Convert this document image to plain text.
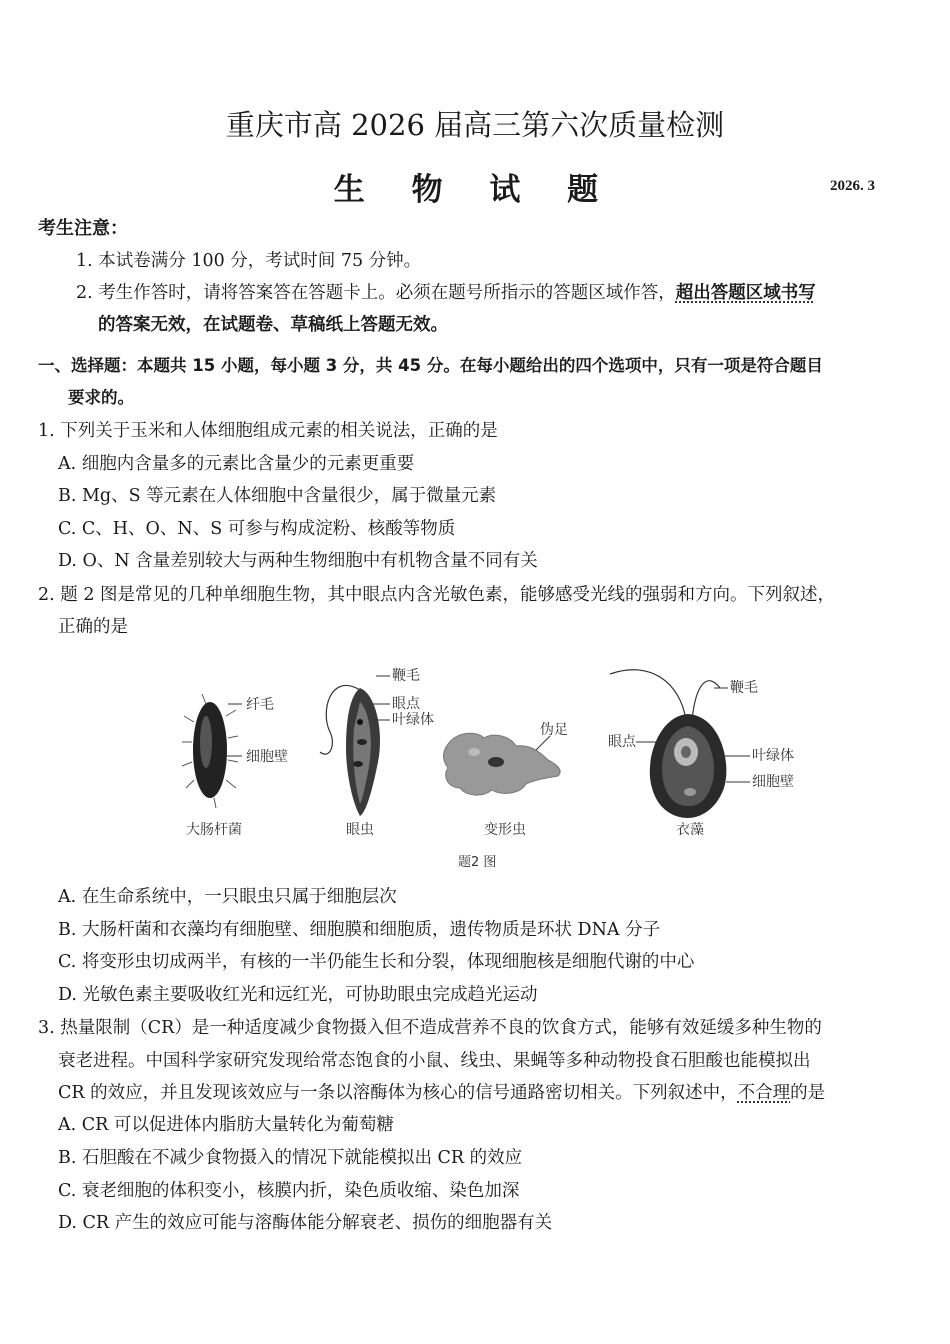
重庆市高 2026 届高三第六次质量检测
生 物 试 题	2026. 3
考生注意：
1. 本试卷满分 100 分，考试时间 75 分钟。
2. 考生作答时，请将答案答在答题卡上。必须在题号所指示的答题区域作答，超出答题区域书写
的答案无效，在试题卷、草稿纸上答题无效。
一、选择题：本题共 15 小题，每小题 3 分，共 45 分。在每小题给出的四个选项中，只有一项是符合题目
要求的。
1. 下列关于玉米和人体细胞组成元素的相关说法，正确的是
A. 细胞内含量多的元素比含量少的元素更重要
B. Mg、S 等元素在人体细胞中含量很少，属于微量元素
C. C、H、O、N、S 可参与构成淀粉、核酸等物质
D. O、N 含量差别较大与两种生物细胞中有机物含量不同有关
2. 题 2 图是常见的几种单细胞生物，其中眼点内含光敏色素，能够感受光线的强弱和方向。下列叙述，
正确的是
纤毛
细胞壁
大肠杆菌
鞭毛
眼点
叶绿体
眼虫
伪足
变形虫
眼点
鞭毛
叶绿体
细胞壁
衣藻
题2 图
A. 在生命系统中，一只眼虫只属于细胞层次
B. 大肠杆菌和衣藻均有细胞壁、细胞膜和细胞质，遗传物质是环状 DNA 分子
C. 将变形虫切成两半，有核的一半仍能生长和分裂，体现细胞核是细胞代谢的中心
D. 光敏色素主要吸收红光和远红光，可协助眼虫完成趋光运动
3. 热量限制（CR）是一种适度减少食物摄入但不造成营养不良的饮食方式，能够有效延缓多种生物的
衰老进程。中国科学家研究发现给常态饱食的小鼠、线虫、果蝇等多种动物投食石胆酸也能模拟出
CR 的效应，并且发现该效应与一条以溶酶体为核心的信号通路密切相关。下列叙述中，不合理的是
A. CR 可以促进体内脂肪大量转化为葡萄糖
B. 石胆酸在不减少食物摄入的情况下就能模拟出 CR 的效应
C. 衰老细胞的体积变小，核膜内折，染色质收缩、染色加深
D. CR 产生的效应可能与溶酶体能分解衰老、损伤的细胞器有关
